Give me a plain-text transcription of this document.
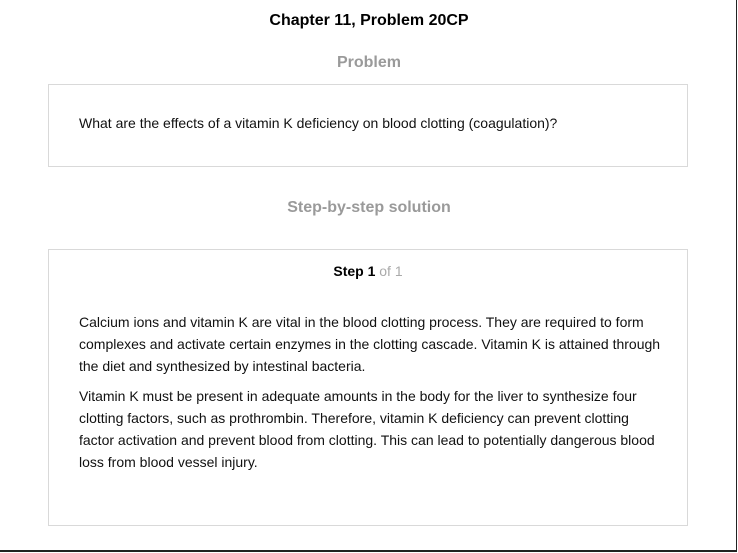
Chapter 11, Problem 20CP
Problem

What are the effects of a vitamin K deficiency on blood clotting (coagulation)?

Step-by-step solution
Step 1 of 1

Calcium ions and vitamin K are vital in the blood clotting process. They are required to form complexes and activate certain enzymes in the clotting cascade. Vitamin K is attained through the diet and synthesized by intestinal bacteria.

Vitamin K must be present in adequate amounts in the body for the liver to synthesize four clotting factors, such as prothrombin. Therefore, vitamin K deficiency can prevent clotting factor activation and prevent blood from clotting. This can lead to potentially dangerous blood loss from blood vessel injury.
